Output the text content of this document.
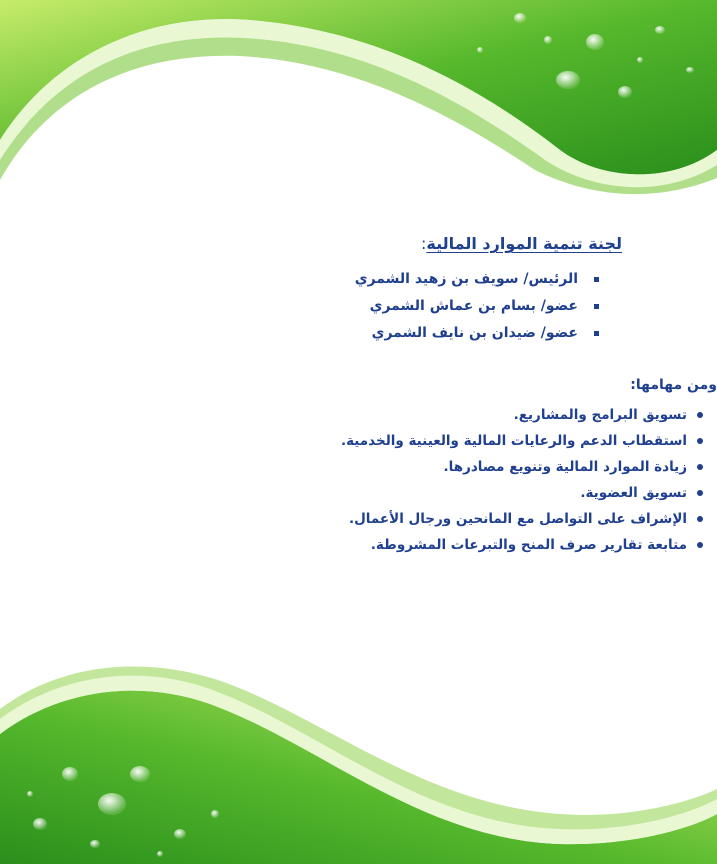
لجنة تنمية الموارد المالية:
الرئيس/ سويف بن زهيد الشمري
عضو/ بسام بن عماش الشمري
عضو/ ضيدان بن نايف الشمري
ومن مهامها:
تسويق البرامج والمشاريع.
استقطاب الدعم والرعايات المالية والعينية والخدمية.
زيادة الموارد المالية وتنويع مصادرها.
تسويق العضوية.
الإشراف على التواصل مع المانحين ورجال الأعمال.
متابعة تقارير صرف المنح والتبرعات المشروطة.
